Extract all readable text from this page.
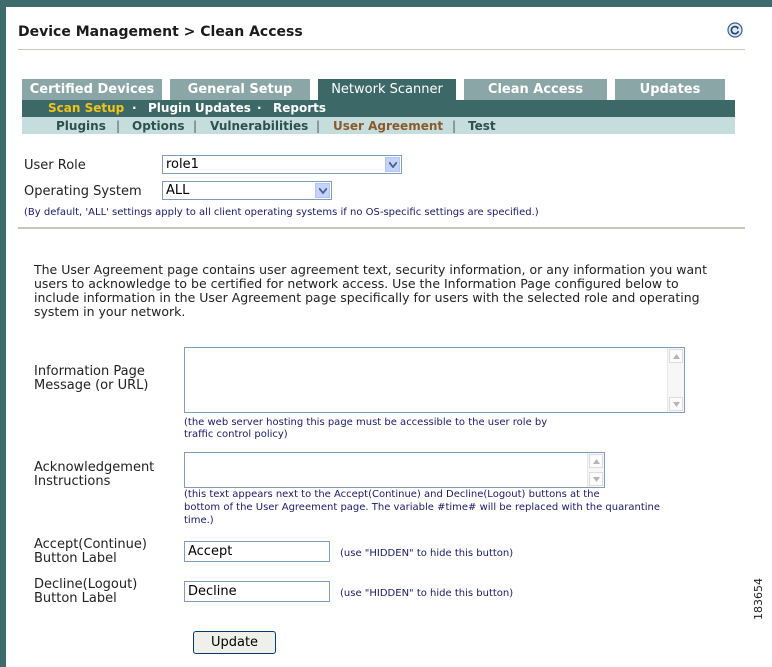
Device Management > Clean Access
Certified Devices	General Setup	Network Scanner	Clean Access	Updates
Scan Setup · Plugin Updates · Reports
Plugins | Options | Vulnerabilities | User Agreement | Test
User Role	role1
Operating System ALL
(By default, 'ALL' settings apply to all client operating systems if no OS-specific settings are specified.)
The User Agreement page contains user agreement text, security information, or any information you want users to acknowledge to be certified for network access. Use the Information Page configured below to include information in the User Agreement page specifically for users with the selected role and operating system in your network.
Information Page
Message (or URL)
(the web server hosting this page must be accessible to the user role by
traffic control policy)
Acknowledgement
Instructions
(this text appears next to the Accept(Continue) and Decline(Logout) buttons at the
bottom of the User Agreement page. The variable #time# will be replaced with the quarantine
time.)
Accept(Continue)
Button Label	Accept	(use "HIDDEN" to hide this button)
Decline(Logout)
Button Label	Decline	(use "HIDDEN" to hide this button)
Update
183654
